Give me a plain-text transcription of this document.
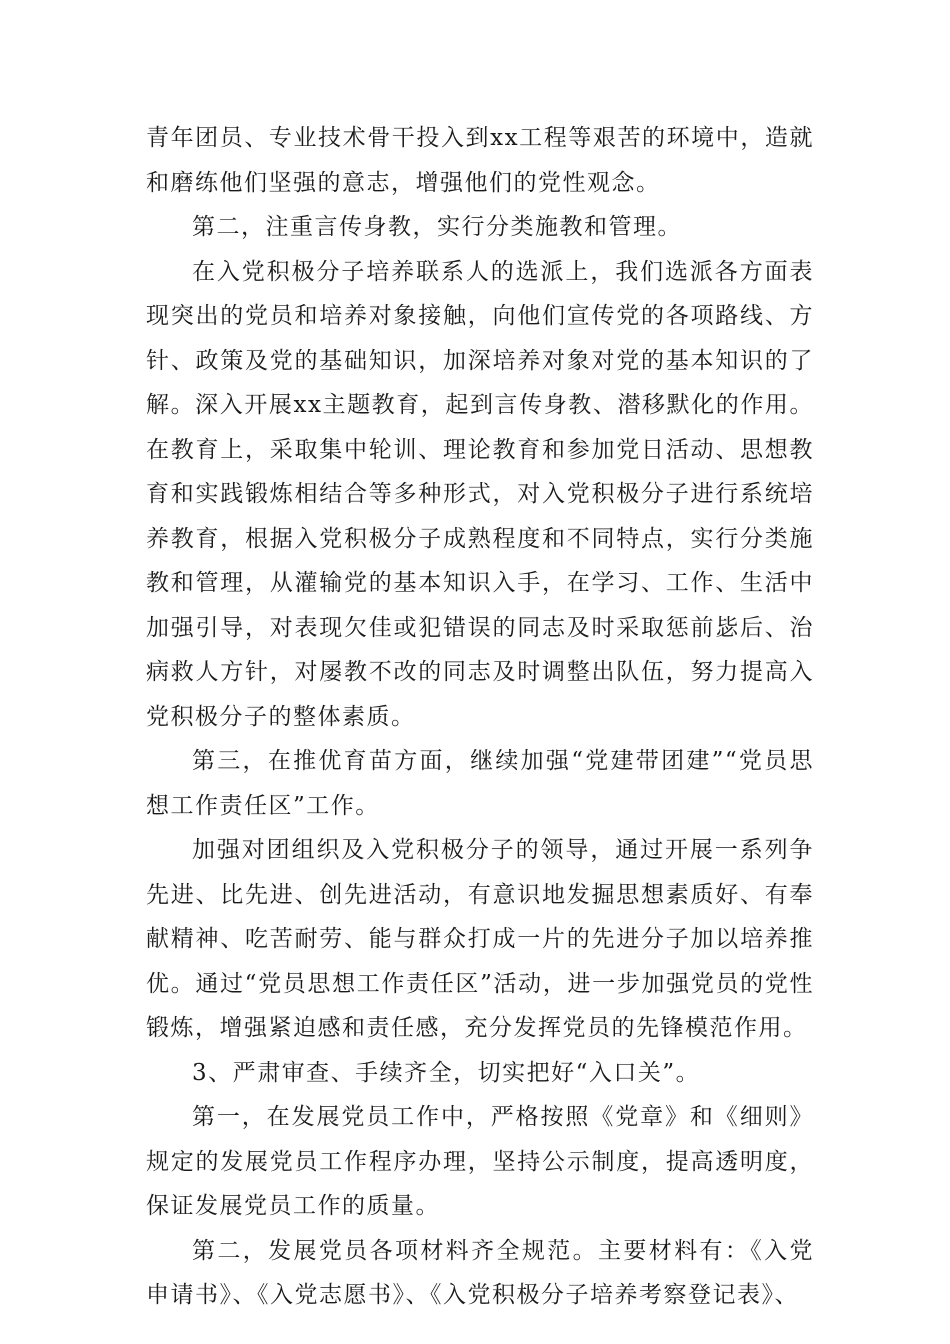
青年团员、专业技术骨干投入到xx工程等艰苦的环境中，造就和磨练他们坚强的意志，增强他们的党性观念。

第二，注重言传身教，实行分类施教和管理。

在入党积极分子培养联系人的选派上，我们选派各方面表现突出的党员和培养对象接触，向他们宣传党的各项路线、方针、政策及党的基础知识，加深培养对象对党的基本知识的了解。深入开展xx主题教育，起到言传身教、潜移默化的作用。在教育上，采取集中轮训、理论教育和参加党日活动、思想教育和实践锻炼相结合等多种形式，对入党积极分子进行系统培养教育，根据入党积极分子成熟程度和不同特点，实行分类施教和管理，从灌输党的基本知识入手，在学习、工作、生活中加强引导，对表现欠佳或犯错误的同志及时采取惩前毖后、治病救人方针，对屡教不改的同志及时调整出队伍，努力提高入党积极分子的整体素质。

第三，在推优育苗方面，继续加强“党建带团建”“党员思想工作责任区”工作。

加强对团组织及入党积极分子的领导，通过开展一系列争先进、比先进、创先进活动，有意识地发掘思想素质好、有奉献精神、吃苦耐劳、能与群众打成一片的先进分子加以培养推优。通过“党员思想工作责任区”活动，进一步加强党员的党性锻炼，增强紧迫感和责任感，充分发挥党员的先锋模范作用。

3、严肃审查、手续齐全，切实把好“入口关”。

第一，在发展党员工作中，严格按照《党章》和《细则》规定的发展党员工作程序办理，坚持公示制度，提高透明度，保证发展党员工作的质量。

第二，发展党员各项材料齐全规范。主要材料有：《入党申请书》、《入党志愿书》、《入党积极分子培养考察登记表》、
